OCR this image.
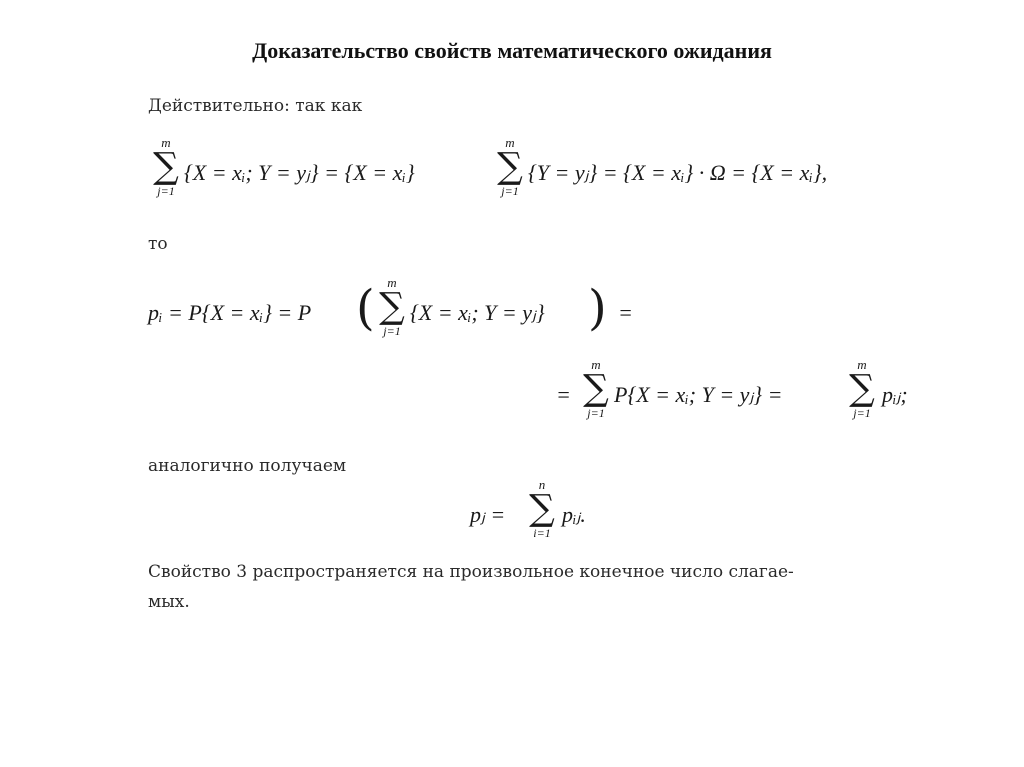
Доказательство свойств математического ожидания
Действительно: так как
m
∑
j=1
{X = xᵢ; Y = yⱼ} = {X = xᵢ}
m
∑
j=1
{Y = yⱼ} = {X = xᵢ} · Ω = {X = xᵢ},
то
pᵢ = P{X = xᵢ} = P ( m
∑
j=1
{X = xᵢ; Y = yⱼ} ) =
=
m
∑
j=1
P{X = xᵢ; Y = yⱼ} =
m
∑
j=1
pᵢⱼ;
аналогично получаем
pⱼ =
n
∑
i=1
pᵢⱼ.
Свойство 3 распространяется на произвольное конечное число слагае-
мых.
